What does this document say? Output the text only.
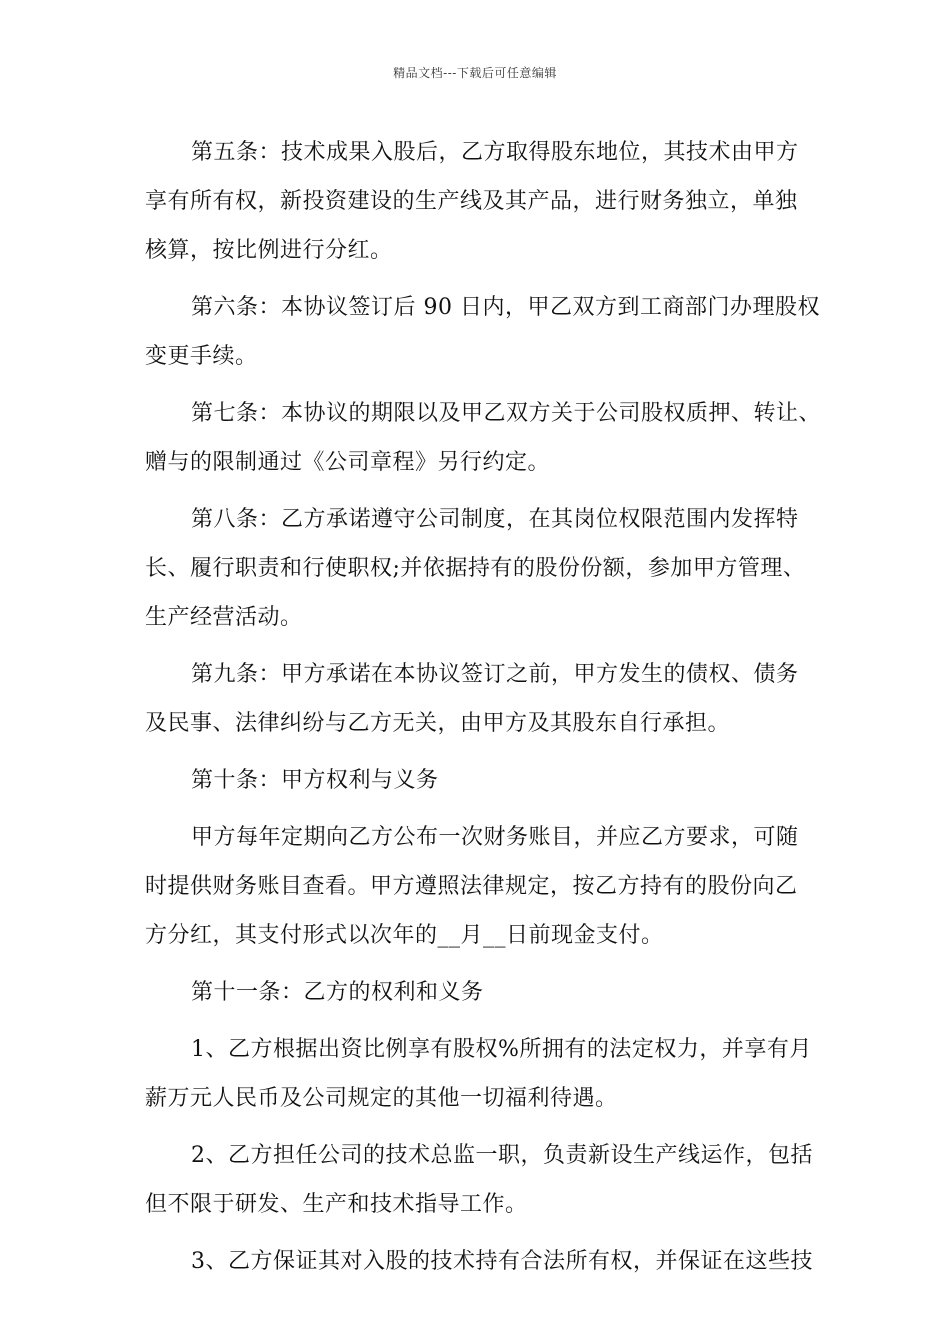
精品文档---下载后可任意编辑

第五条：技术成果入股后，乙方取得股东地位，其技术由甲方
享有所有权，新投资建设的生产线及其产品，进行财务独立，单独
核算，按比例进行分红。

第六条：本协议签订后 90 日内，甲乙双方到工商部门办理股权
变更手续。

第七条：本协议的期限以及甲乙双方关于公司股权质押、转让、
赠与的限制通过《公司章程》另行约定。

第八条：乙方承诺遵守公司制度，在其岗位权限范围内发挥特
长、履行职责和行使职权;并依据持有的股份份额，参加甲方管理、
生产经营活动。

第九条：甲方承诺在本协议签订之前，甲方发生的债权、债务
及民事、法律纠纷与乙方无关，由甲方及其股东自行承担。

第十条：甲方权利与义务

甲方每年定期向乙方公布一次财务账目，并应乙方要求，可随
时提供财务账目查看。甲方遵照法律规定，按乙方持有的股份向乙
方分红，其支付形式以次年的__月__日前现金支付。

第十一条：乙方的权利和义务

1、乙方根据出资比例享有股权%所拥有的法定权力，并享有月
薪万元人民币及公司规定的其他一切福利待遇。

2、乙方担任公司的技术总监一职，负责新设生产线运作，包括
但不限于研发、生产和技术指导工作。

3、乙方保证其对入股的技术持有合法所有权，并保证在这些技
